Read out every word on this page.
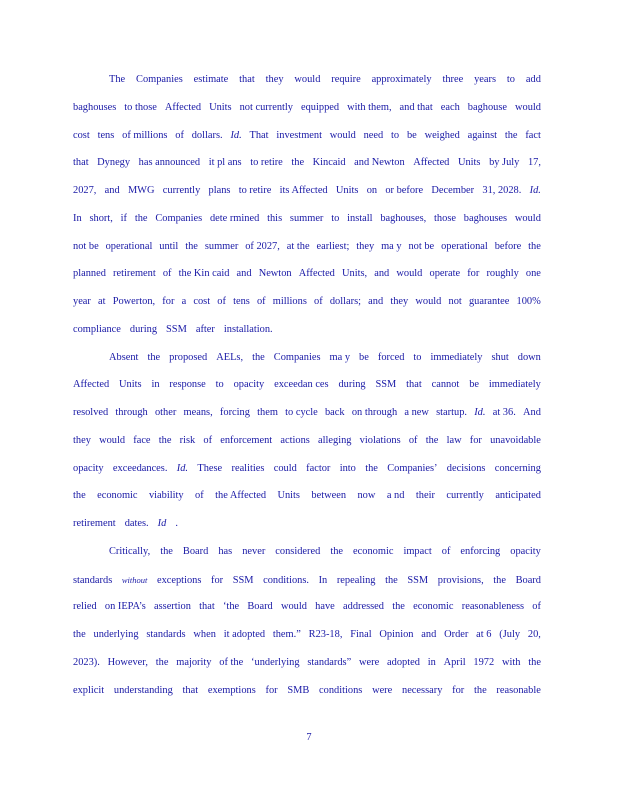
The Companies estimate that they would require approximately three years to add
baghouses to those Affected Units not currently equipped with them, and that each baghouse would
cost tens of millions of dollars. Id. That investment would need to be weighed against the fact
that Dynegy has announced it pl ans to retire the Kincaid and Newton Affected Units by July 17,
2027, and MWG currently plans to retire its Affected Units on or before December 31, 2028. Id.
In short, if the Companies dete rmined this summer to install baghouses, those baghouses would
not be operational until the summer of 2027, at the earliest; they ma y not be operational before the
planned retirement of the Kin caid and Newton Affected Units, and would operate for roughly one
year at Powerton, for a cost of tens of millions of dollars; and they would not guarantee 100%
compliance during SSM after installation.
Absent the proposed AELs, the Companies ma y be forced to immediately shut down
Affected Units in response to opacity exceedan ces during SSM that cannot be immediately
resolved through other means, forcing them to cycle back on through a new startup. Id. at 36. And
they would face the risk of enforcement actions alleging violations of the law for unavoidable
opacity exceedances. Id. These realities could factor into the Companies’ decisions concerning
the economic viability of the Affected Units between now a nd their currently anticipated
retirement dates. Id .
Critically, the Board has never considered the economic impact of enforcing opacity
standards without exceptions for SSM conditions. In repealing the SSM provisions, the Board
relied on IEPA’s assertion that ‘the Board would have addressed the economic reasonableness of
the underlying standards when it adopted them.” R23-18, Final Opinion and Order at 6 (July 20,
2023). However, the majority of the ‘underlying standards” were adopted in April 1972 with the
explicit understanding that exemptions for SMB conditions were necessary for the reasonable
7
